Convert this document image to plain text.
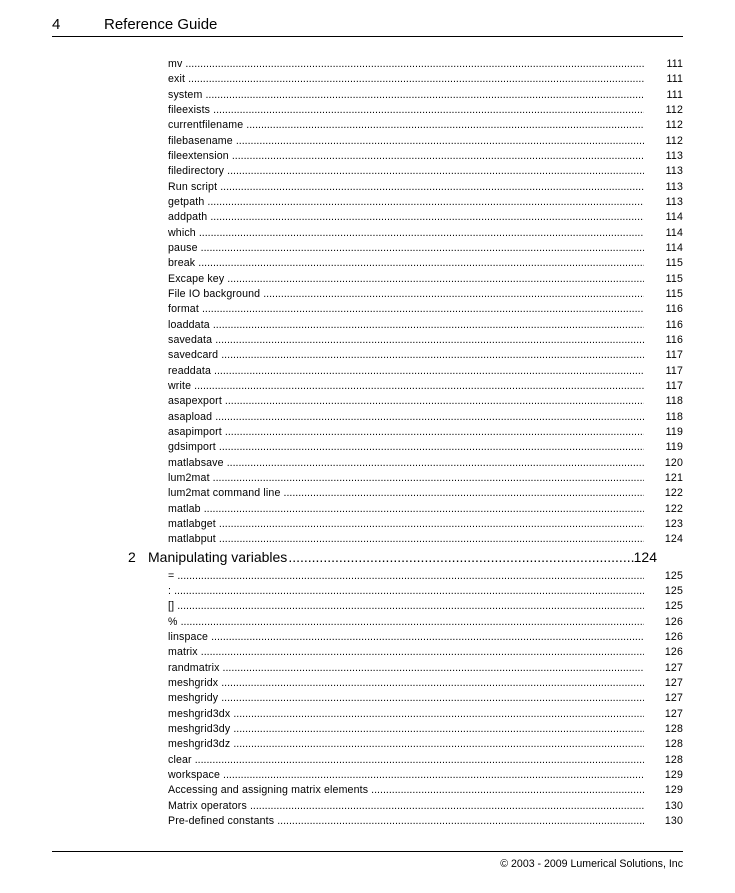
4	Reference Guide
mv .....	111
exit .....	111
system .....	111
fileexists .....	112
currentfilename .....	112
filebasename .....	112
fileextension .....	113
filedirectory .....	113
Run script .....	113
getpath .....	113
addpath .....	114
which .....	114
pause .....	114
break .....	115
Excape key .....	115
File IO background .....	115
format .....	116
loaddata .....	116
savedata .....	116
savedcard .....	117
readdata .....	117
write .....	117
asapexport .....	118
asapload .....	118
asapimport .....	119
gdsimport .....	119
matlabsave .....	120
lum2mat .....	121
lum2mat command line .....	122
matlab .....	122
matlabget .....	123
matlabput .....	124
2 Manipulating variables .....	124
= .....	125
: .....	125
[] .....	125
% .....	126
linspace .....	126
matrix .....	126
randmatrix .....	127
meshgridx .....	127
meshgridy .....	127
meshgrid3dx .....	127
meshgrid3dy .....	128
meshgrid3dz .....	128
clear .....	128
workspace .....	129
Accessing and assigning matrix elements .....	129
Matrix operators .....	130
Pre-defined constants .....	130
© 2003 - 2009 Lumerical Solutions, Inc
